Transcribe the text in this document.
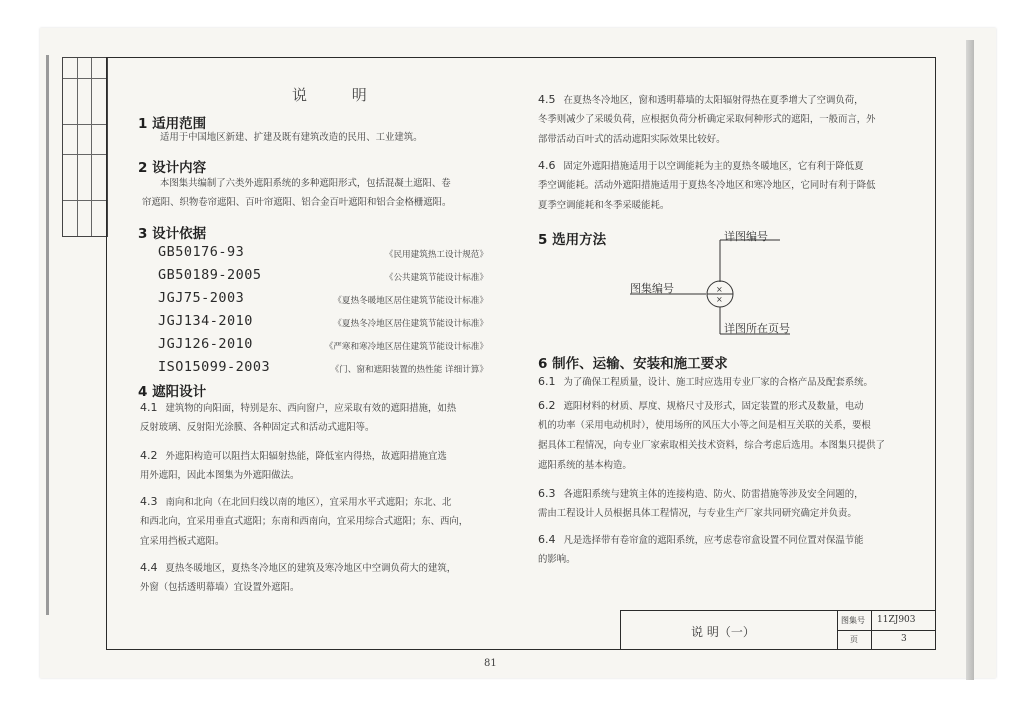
说 明
1 适用范围
适用于中国地区新建、扩建及既有建筑改造的民用、工业建筑。
2 设计内容
本图集共编制了六类外遮阳系统的多种遮阳形式，包括混凝土遮阳、卷
帘遮阳、织物卷帘遮阳、百叶帘遮阳、铝合金百叶遮阳和铝合金格栅遮阳。
3 设计依据
GB50176-93	《民用建筑热工设计规范》
GB50189-2005	《公共建筑节能设计标准》
JGJ75-2003	《夏热冬暖地区居住建筑节能设计标准》
JGJ134-2010	《夏热冬冷地区居住建筑节能设计标准》
JGJ126-2010	《严寒和寒冷地区居住建筑节能设计标准》
ISO15099-2003	《门、窗和遮阳装置的热性能 详细计算》
4 遮阳设计
4.1 建筑物的向阳面，特别是东、西向窗户，应采取有效的遮阳措施，如热
反射玻璃、反射阳光涂膜、各种固定式和活动式遮阳等。
4.2 外遮阳构造可以阻挡太阳辐射热能，降低室内得热，故遮阳措施宜选
用外遮阳，因此本图集为外遮阳做法。
4.3 南向和北向（在北回归线以南的地区），宜采用水平式遮阳；东北、北
和西北向，宜采用垂直式遮阳；东南和西南向，宜采用综合式遮阳；东、西向，
宜采用挡板式遮阳。
4.4 夏热冬暖地区，夏热冬冷地区的建筑及寒冷地区中空调负荷大的建筑，
外窗（包括透明幕墙）宜设置外遮阳。
4.5 在夏热冬冷地区，窗和透明幕墙的太阳辐射得热在夏季增大了空调负荷，
冬季则减少了采暖负荷，应根据负荷分析确定采取何种形式的遮阳，一般而言，外
部带活动百叶式的活动遮阳实际效果比较好。
4.6 固定外遮阳措施适用于以空调能耗为主的夏热冬暖地区，它有利于降低夏
季空调能耗。活动外遮阳措施适用于夏热冬冷地区和寒冷地区，它同时有利于降低
夏季空调能耗和冬季采暖能耗。
5 选用方法	详图编号
图集编号	×
×
详图所在页号
6 制作、运输、安装和施工要求
6.1 为了确保工程质量，设计、施工时应选用专业厂家的合格产品及配套系统。
6.2 遮阳材料的材质、厚度、规格尺寸及形式，固定装置的形式及数量，电动
机的功率（采用电动机时），使用场所的风压大小等之间是相互关联的关系，要根
据具体工程情况，向专业厂家索取相关技术资料，综合考虑后选用。本图集只提供了
遮阳系统的基本构造。
6.3 各遮阳系统与建筑主体的连接构造、防火、防雷措施等涉及安全问题的，
需由工程设计人员根据具体工程情况，与专业生产厂家共同研究确定并负责。
6.4 凡是选择带有卷帘盒的遮阳系统，应考虑卷帘盒设置不同位置对保温节能
的影响。
说 明（一）
图集号 11ZJ903
页	3
81
